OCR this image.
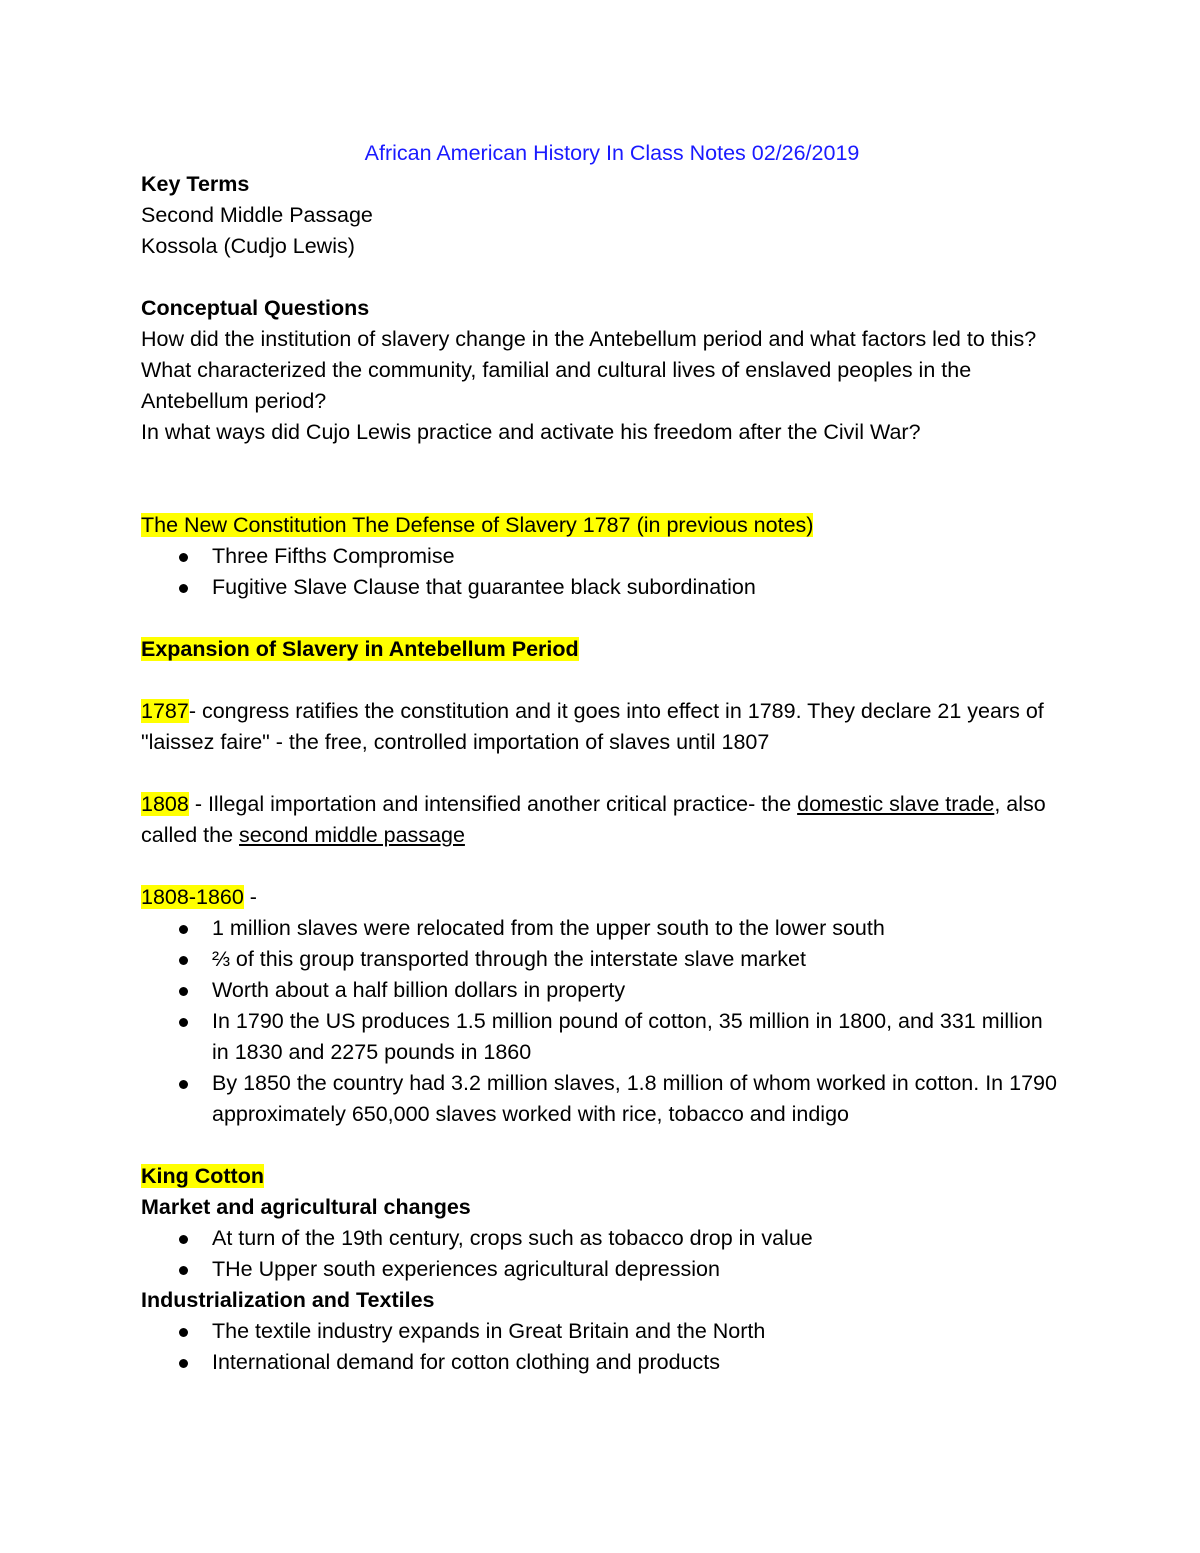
African American History In Class Notes 02/26/2019

Key Terms

Second Middle Passage

Kossola (Cudjo Lewis)

Conceptual Questions

How did the institution of slavery change in the Antebellum period and what factors led to this?

What characterized the community, familial and cultural lives of enslaved peoples in the Antebellum period?

In what ways did Cujo Lewis practice and activate his freedom after the Civil War?

The New Constitution The Defense of Slavery 1787 (in previous notes)

Three Fifths Compromise
Fugitive Slave Clause that guarantee black subordination

Expansion of Slavery in Antebellum Period

1787- congress ratifies the constitution and it goes into effect in 1789. They declare 21 years of "laissez faire" - the free, controlled importation of slaves until 1807

1808 - Illegal importation and intensified another critical practice- the domestic slave trade, also called the second middle passage

1808-1860 -

1 million slaves were relocated from the upper south to the lower south
⅔ of this group transported through the interstate slave market
Worth about a half billion dollars in property
In 1790 the US produces 1.5 million pound of cotton, 35 million in 1800, and 331 million in 1830 and 2275 pounds in 1860
By 1850 the country had 3.2 million slaves, 1.8 million of whom worked in cotton. In 1790 approximately 650,000 slaves worked with rice, tobacco and indigo

King Cotton

Market and agricultural changes

At turn of the 19th century, crops such as tobacco drop in value
THe Upper south experiences agricultural depression

Industrialization and Textiles

The textile industry expands in Great Britain and the North
International demand for cotton clothing and products
